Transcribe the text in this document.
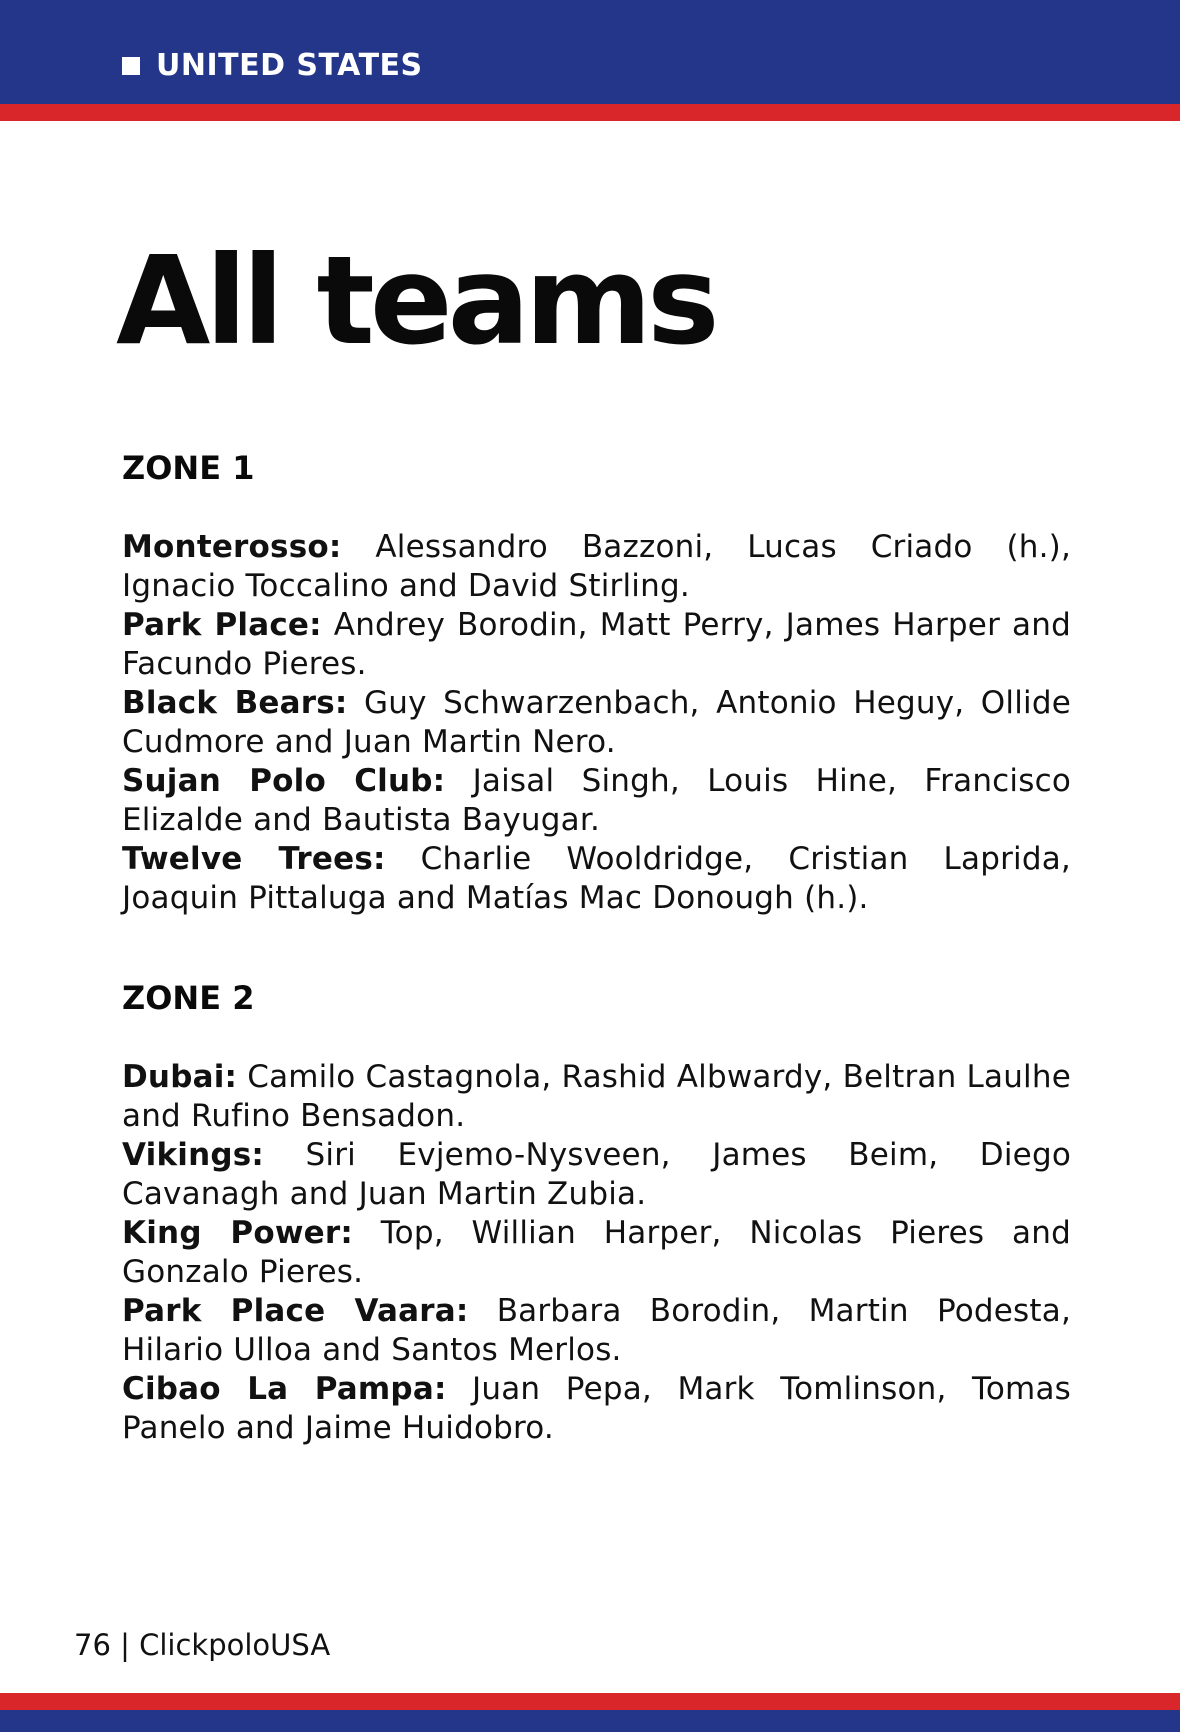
UNITED STATES
All teams
ZONE 1

Monterosso: Alessandro Bazzoni, Lucas Criado (h.), Ignacio Toccalino and David Stirling.

Park Place: Andrey Borodin, Matt Perry, James Harper and Facundo Pieres.

Black Bears: Guy Schwarzenbach, Antonio Heguy, Ollide Cudmore and Juan Martin Nero.

Sujan Polo Club: Jaisal Singh, Louis Hine, Francisco Elizalde and Bautista Bayugar.

Twelve Trees: Charlie Wooldridge, Cristian Laprida, Joaquin Pittaluga and Matías Mac Donough (h.).

ZONE 2

Dubai: Camilo Castagnola, Rashid Albwardy, Beltran Laulhe and Rufino Bensadon.

Vikings: Siri Evjemo-Nysveen, James Beim, Diego Cavanagh and Juan Martin Zubia.

King Power: Top, Willian Harper, Nicolas Pieres and Gonzalo Pieres.

Park Place Vaara: Barbara Borodin, Martin Podesta, Hilario Ulloa and Santos Merlos.

Cibao La Pampa: Juan Pepa, Mark Tomlinson, Tomas Panelo and Jaime Huidobro.

76 | ClickpoloUSA
